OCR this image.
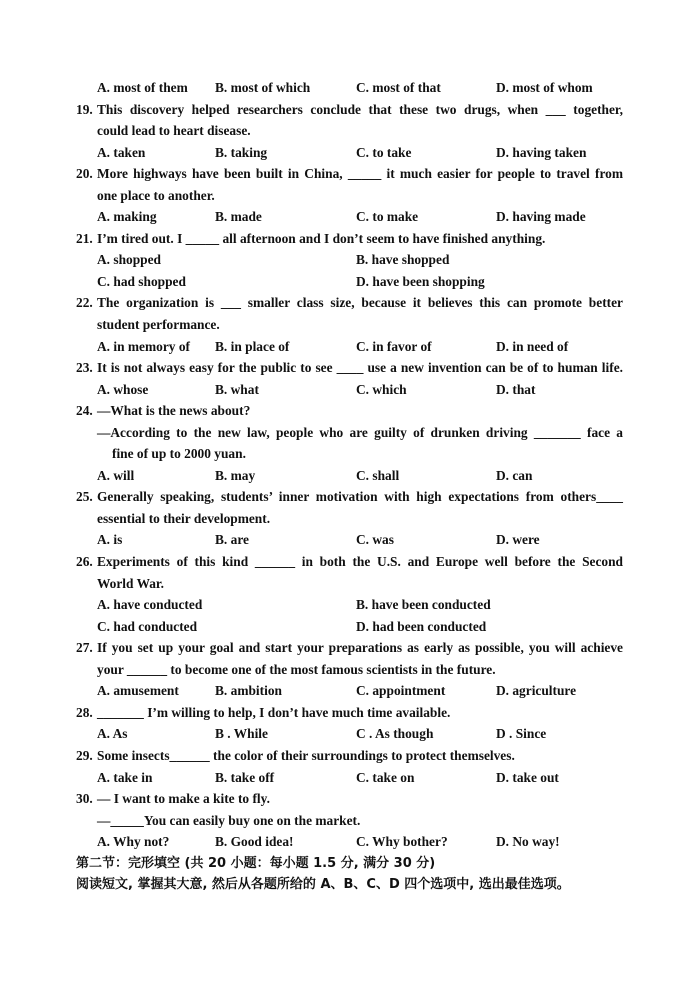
A. most of them B. most of which	C. most of that	D. most of whom
19. This discovery helped researchers conclude that these two drugs, when ___ together,
could lead to heart disease.
A. taken	B. taking	C. to take	D. having taken
20. More highways have been built in China, _____ it much easier for people to travel from
one place to another.
A. making	B. made	C. to make	D. having made
21. I’m tired out. I _____ all afternoon and I don’t seem to have finished anything.
A. shopped	B. have shopped
C. had shopped	D. have been shopping
22. The organization is ___ smaller class size, because it believes this can promote better
student performance.
A. in memory of B. in place of	C. in favor of	D. in need of
23. It is not always easy for the public to see ____ use a new invention can be of to human life.
A. whose	B. what	C. which	D. that
24. —What is the news about?
—According to the new law, people who are guilty of drunken driving _______ face a
fine of up to 2000 yuan.
A. will	B. may	C. shall	D. can
25. Generally speaking, students’ inner motivation with high expectations from others____
essential to their development.
A. is	B. are	C. was	D. were
26. Experiments of this kind ______ in both the U.S. and Europe well before the Second
World War.
A. have conducted	B. have been conducted
C. had conducted	D. had been conducted
27. If you set up your goal and start your preparations as early as possible, you will achieve
your ______ to become one of the most famous scientists in the future.
A. amusement	B. ambition	C. appointment	D. agriculture
28. _______ I’m willing to help, I don’t have much time available.
A. As	B . While	C . As though	D . Since
29. Some insects______ the color of their surroundings to protect themselves.
A. take in	B. take off	C. take on	D. take out
30. — I want to make a kite to fly.
—_____You can easily buy one on the market.
A. Why not?	B. Good idea!	C. Why bother?	D. No way!
第二节：完形填空 (共 20 小题：每小题 1.5 分, 满分 30 分)
阅读短文, 掌握其大意, 然后从各题所给的 A、B、C、D 四个选项中, 选出最佳选项。
